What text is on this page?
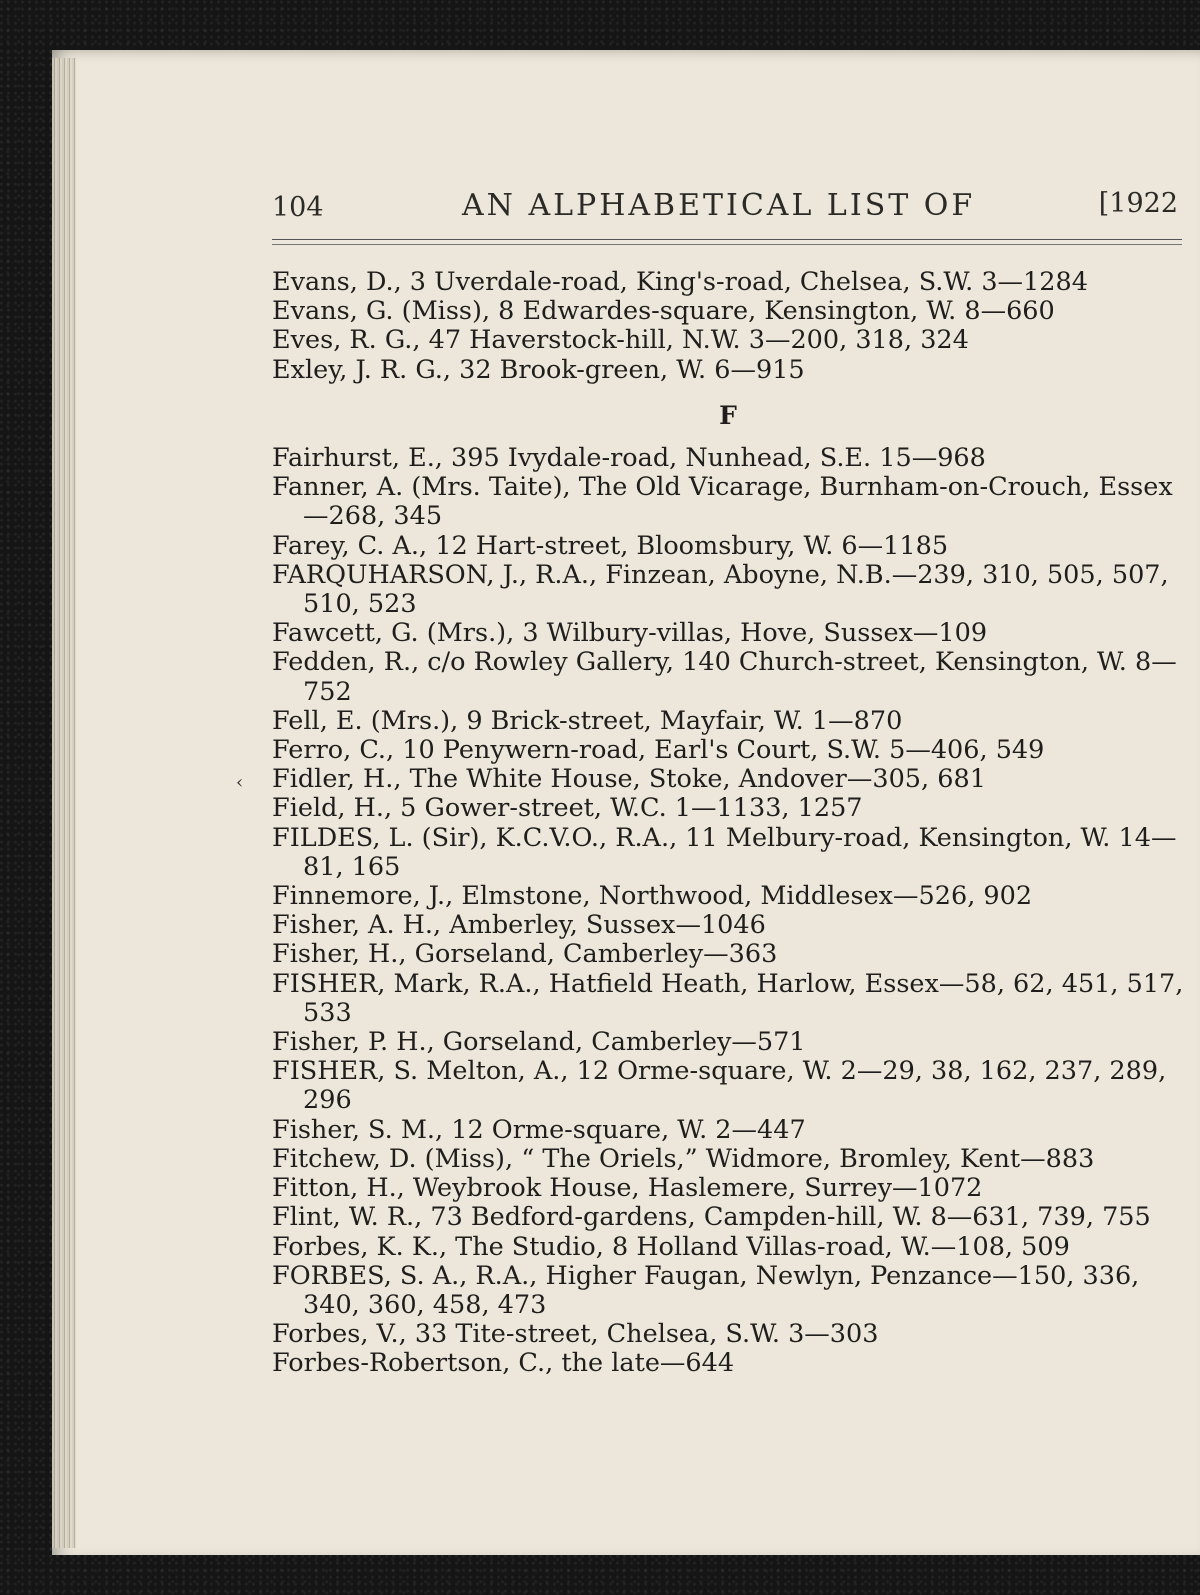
104	AN ALPHABETICAL LIST OF	[1922
‹
Evans, D., 3 Uverdale-road, King's-road, Chelsea, S.W. 3—1284
Evans, G. (Miss), 8 Edwardes-square, Kensington, W. 8—660
Eves, R. G., 47 Haverstock-hill, N.W. 3—200, 318, 324
Exley, J. R. G., 32 Brook-green, W. 6—915
F
Fairhurst, E., 395 Ivydale-road, Nunhead, S.E. 15—968
Fanner, A. (Mrs. Taite), The Old Vicarage, Burnham-on-Crouch, Essex—268, 345
Farey, C. A., 12 Hart-street, Bloomsbury, W. 6—1185
FARQUHARSON, J., R.A., Finzean, Aboyne, N.B.—239, 310, 505, 507, 510, 523
Fawcett, G. (Mrs.), 3 Wilbury-villas, Hove, Sussex—109
Fedden, R., c/o Rowley Gallery, 140 Church-street, Kensington, W. 8—752
Fell, E. (Mrs.), 9 Brick-street, Mayfair, W. 1—870
Ferro, C., 10 Penywern-road, Earl's Court, S.W. 5—406, 549
Fidler, H., The White House, Stoke, Andover—305, 681
Field, H., 5 Gower-street, W.C. 1—1133, 1257
FILDES, L. (Sir), K.C.V.O., R.A., 11 Melbury-road, Kensington, W. 14—81, 165
Finnemore, J., Elmstone, Northwood, Middlesex—526, 902
Fisher, A. H., Amberley, Sussex—1046
Fisher, H., Gorseland, Camberley—363
FISHER, Mark, R.A., Hatfield Heath, Harlow, Essex—58, 62, 451, 517, 533
Fisher, P. H., Gorseland, Camberley—571
FISHER, S. Melton, A., 12 Orme-square, W. 2—29, 38, 162, 237, 289, 296
Fisher, S. M., 12 Orme-square, W. 2—447
Fitchew, D. (Miss), “ The Oriels,” Widmore, Bromley, Kent—883
Fitton, H., Weybrook House, Haslemere, Surrey—1072
Flint, W. R., 73 Bedford-gardens, Campden-hill, W. 8—631, 739, 755
Forbes, K. K., The Studio, 8 Holland Villas-road, W.—108, 509
FORBES, S. A., R.A., Higher Faugan, Newlyn, Penzance—150, 336, 340, 360, 458, 473
Forbes, V., 33 Tite-street, Chelsea, S.W. 3—303
Forbes-Robertson, C., the late—644
